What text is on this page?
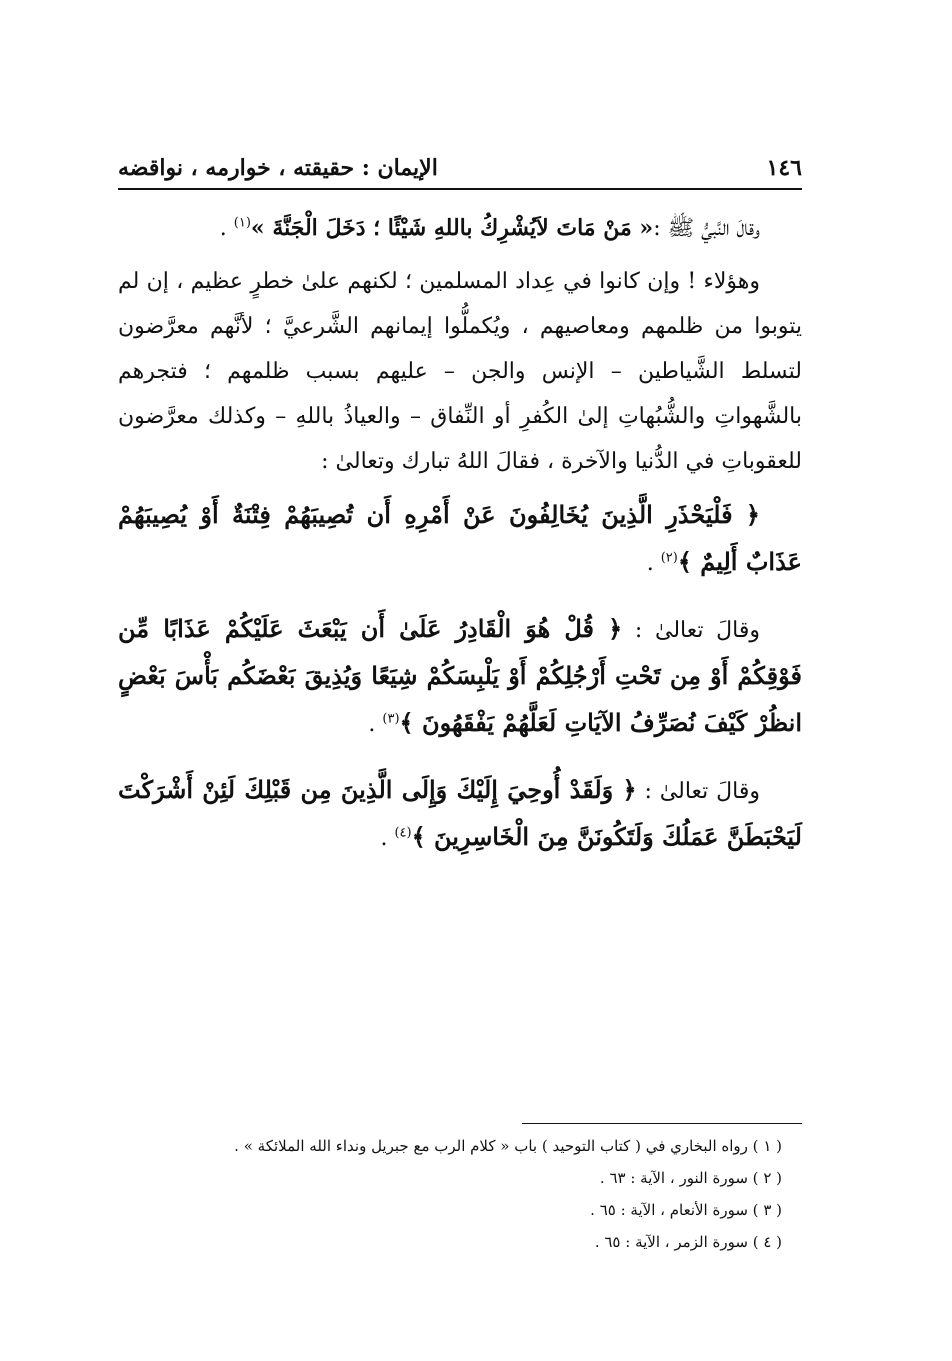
١٤٦
الإيمان : حقيقته ، خوارمه ، نواقضه

وقالَ النَّبيُّ ﷺ :« مَنْ مَاتَ لاَيُشْرِكُ باللهِ شَيْئًا ؛ دَخَلَ الْجَنَّةَ »$^{(١)}$ .

وهؤلاء ! وإن كانوا في عِداد المسلمين ؛ لكنهم علىٰ خطرٍ عظيم ، إن لم يتوبوا من ظلمهم ومعاصيهم ، ويُكملُّوا إيمانهم الشَّرعيَّ ؛ لأنَّهم معرَّضون لتسلط الشَّياطين – الإنس والجن – عليهم بسبب ظلمهم ؛ فتجرهم بالشَّهواتِ والشُّبُهاتِ إلىٰ الكُفرِ أو النِّفاق – والعياذُ باللهِ – وكذلك معرَّضون للعقوباتِ في الدُّنيا والآخرة ، فقالَ اللهُ تبارك وتعالىٰ :

﴿ فَلْيَحْذَرِ الَّذِينَ يُخَالِفُونَ عَنْ أَمْرِهِ أَن تُصِيبَهُمْ فِتْنَةٌ أَوْ يُصِيبَهُمْ عَذَابٌ أَلِيمٌ ﴾$^{(٢)}$ .

وقالَ تعالىٰ : ﴿ قُلْ هُوَ الْقَادِرُ عَلَىٰ أَن يَبْعَثَ عَلَيْكُمْ عَذَابًا مِّن فَوْقِكُمْ أَوْ مِن تَحْتِ أَرْجُلِكُمْ أَوْ يَلْبِسَكُمْ شِيَعًا وَيُذِيقَ بَعْضَكُم بَأْسَ بَعْضٍ انظُرْ كَيْفَ نُصَرِّفُ الآيَاتِ لَعَلَّهُمْ يَفْقَهُونَ ﴾$^{(٣)}$ .

وقالَ تعالىٰ : ﴿ وَلَقَدْ أُوحِيَ إِلَيْكَ وَإِلَى الَّذِينَ مِن قَبْلِكَ لَئِنْ أَشْرَكْتَ لَيَحْبَطَنَّ عَمَلُكَ وَلَتَكُونَنَّ مِنَ الْخَاسِرِينَ ﴾$^{(٤)}$ .

( ١ ) رواه البخاري في ( كتاب التوحيد ) باب « كلام الرب مع جبريل ونداء الله الملائكة » .

( ٢ ) سورة النور ، الآية : ٦٣ .

( ٣ ) سورة الأنعام ، الآية : ٦٥ .

( ٤ ) سورة الزمر ، الآية : ٦٥ .
